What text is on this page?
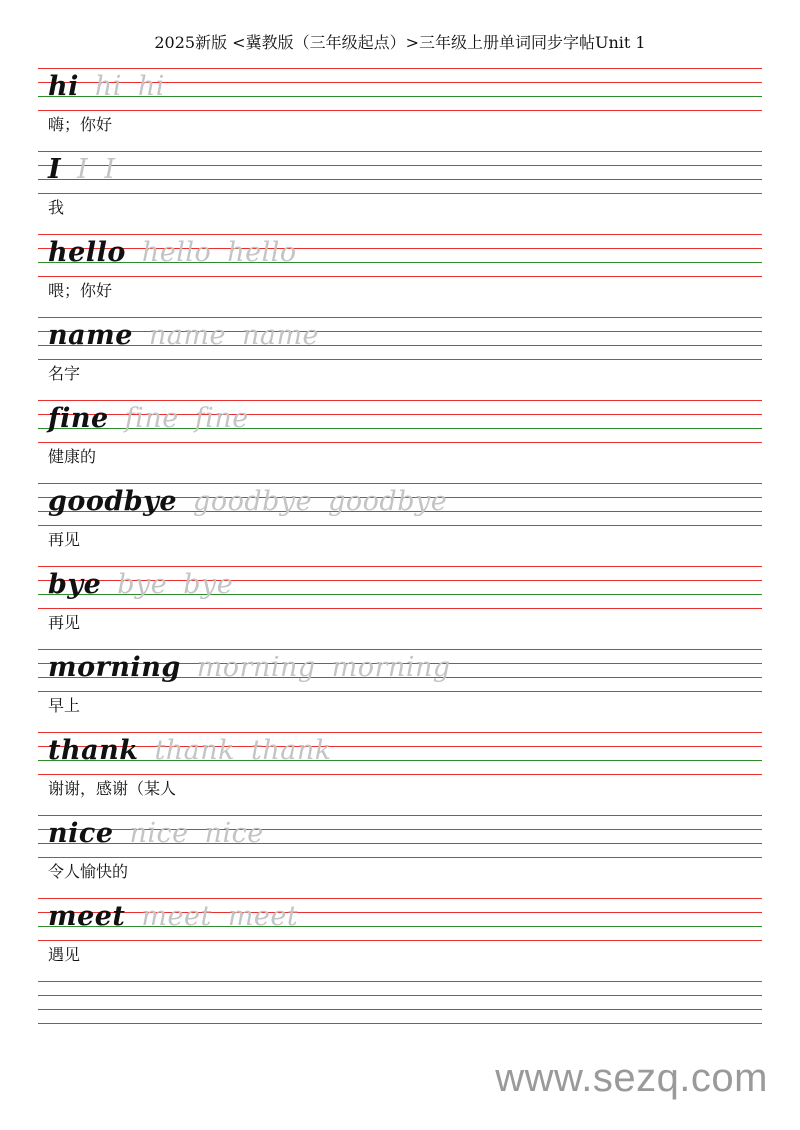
2025新版 <冀教版（三年级起点）>三年级上册单词同步字帖Unit 1
hi hi hi
嗨；你好
I I I
我
hello hello hello
喂；你好
name name name
名字
fine fine fine
健康的
goodbye goodbye goodbye
再见
bye bye bye
再见
morning morning morning
早上
thank thank thank
谢谢，感谢（某人
nice nice nice
令人愉快的
meet meet meet
遇见
www.sezq.com
